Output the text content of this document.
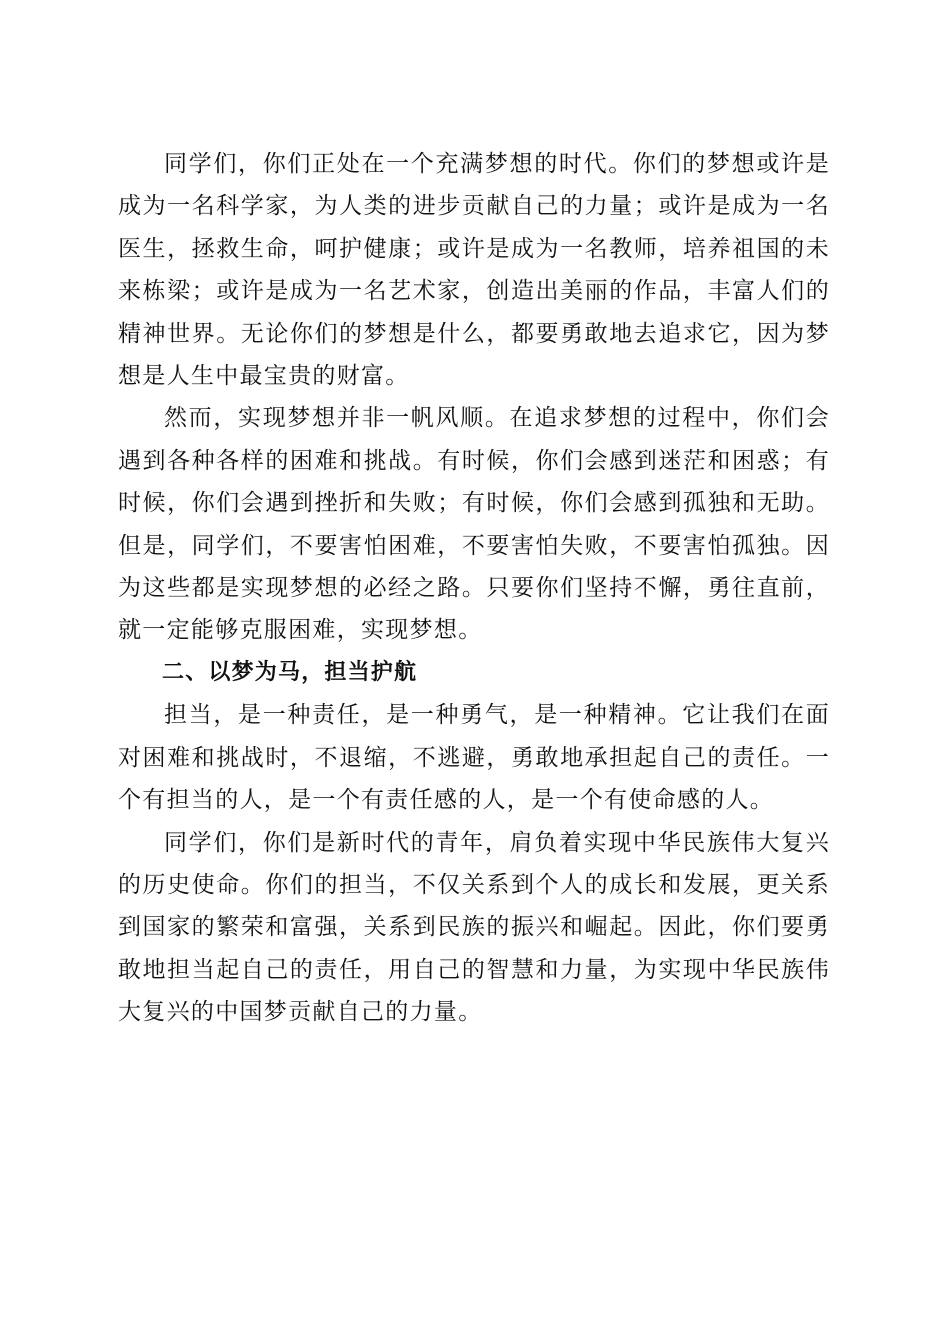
同学们，你们正处在一个充满梦想的时代。你们的梦想或许是成为一名科学家，为人类的进步贡献自己的力量；或许是成为一名医生，拯救生命，呵护健康；或许是成为一名教师，培养祖国的未来栋梁；或许是成为一名艺术家，创造出美丽的作品，丰富人们的精神世界。无论你们的梦想是什么，都要勇敢地去追求它，因为梦想是人生中最宝贵的财富。

然而，实现梦想并非一帆风顺。在追求梦想的过程中，你们会遇到各种各样的困难和挑战。有时候，你们会感到迷茫和困惑；有时候，你们会遇到挫折和失败；有时候，你们会感到孤独和无助。但是，同学们，不要害怕困难，不要害怕失败，不要害怕孤独。因为这些都是实现梦想的必经之路。只要你们坚持不懈，勇往直前，就一定能够克服困难，实现梦想。

二、以梦为马，担当护航

担当，是一种责任，是一种勇气，是一种精神。它让我们在面对困难和挑战时，不退缩，不逃避，勇敢地承担起自己的责任。一个有担当的人，是一个有责任感的人，是一个有使命感的人。

同学们，你们是新时代的青年，肩负着实现中华民族伟大复兴的历史使命。你们的担当，不仅关系到个人的成长和发展，更关系到国家的繁荣和富强，关系到民族的振兴和崛起。因此，你们要勇敢地担当起自己的责任，用自己的智慧和力量，为实现中华民族伟大复兴的中国梦贡献自己的力量。
